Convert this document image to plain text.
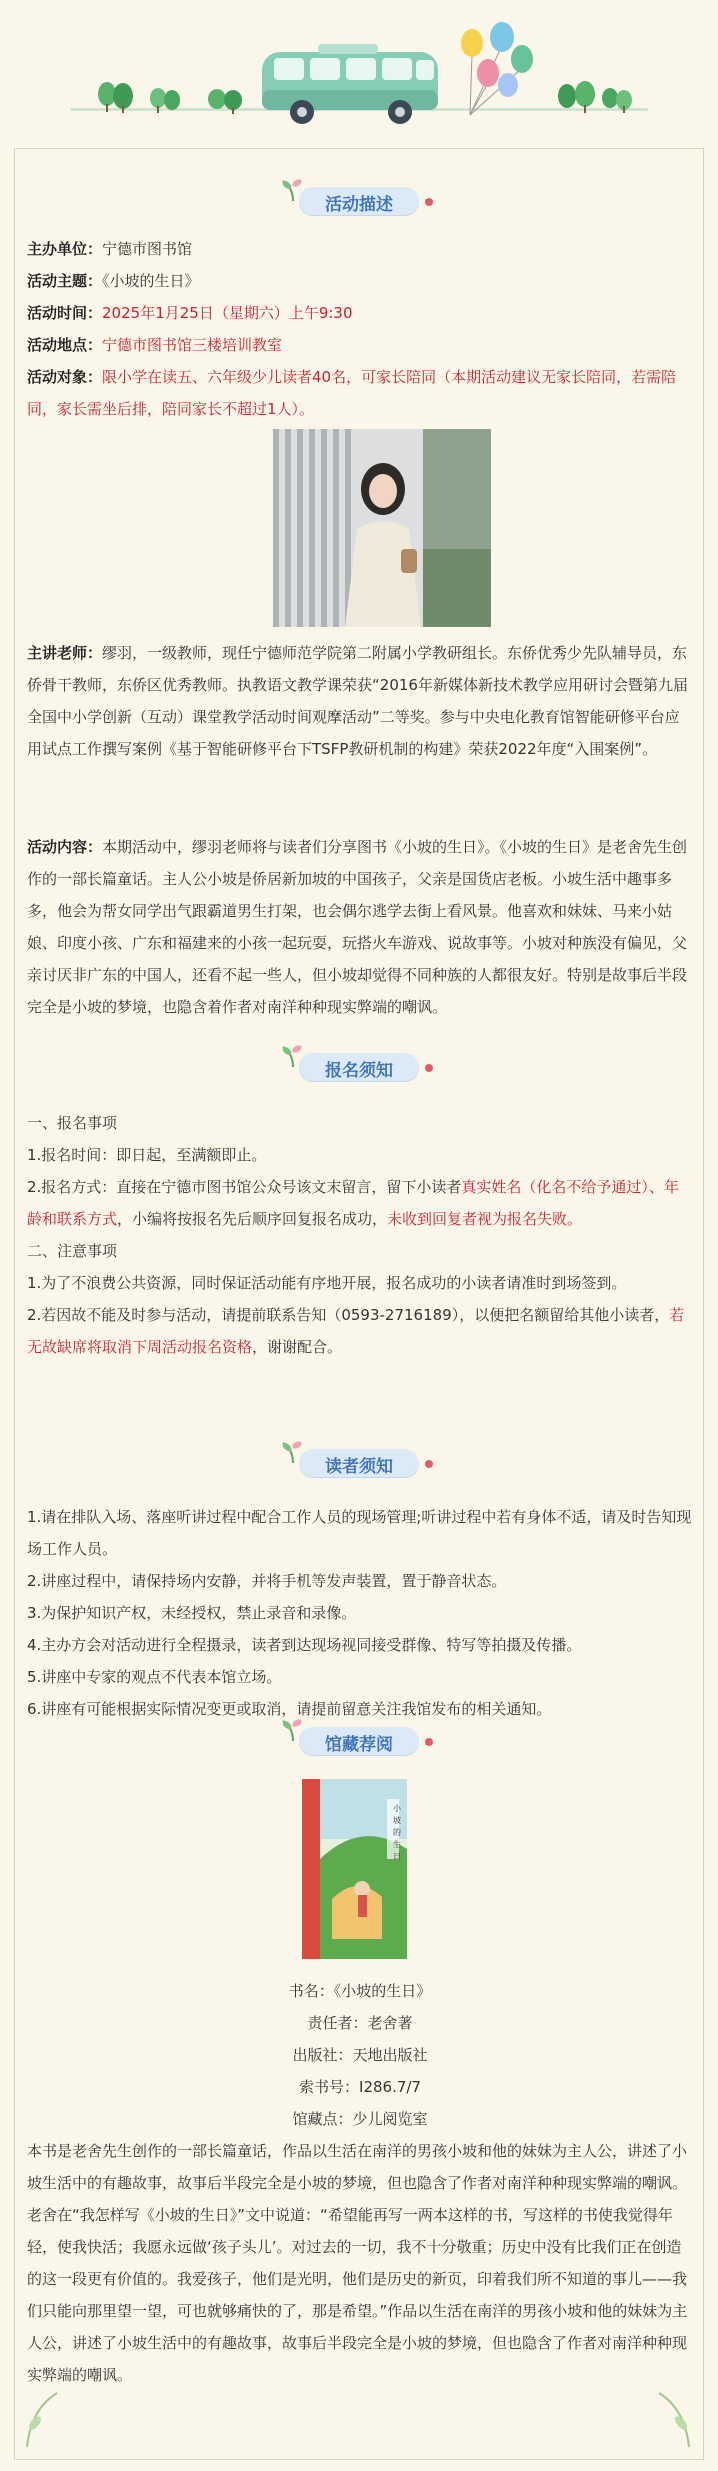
活动描述
主办单位：宁德市图书馆
活动主题：《小坡的生日》
活动时间：2025年1月25日（星期六）上午9:30
活动地点：宁德市图书馆三楼培训教室
活动对象：限小学在读五、六年级少儿读者40名，可家长陪同（本期活动建议无家长陪同，若需陪同，家长需坐后排，陪同家长不超过1人）。
主讲老师：缪羽，一级教师，现任宁德师范学院第二附属小学教研组长。东侨优秀少先队辅导员，东侨骨干教师，东侨区优秀教师。执教语文教学课荣获“2016年新媒体新技术教学应用研讨会暨第九届全国中小学创新（互动）课堂教学活动时间观摩活动”二等奖。参与中央电化教育馆智能研修平台应用试点工作撰写案例《基于智能研修平台下TSFP教研机制的构建》荣获2022年度“入围案例”。
活动内容：本期活动中，缪羽老师将与读者们分享图书《小坡的生日》。《小坡的生日》是老舍先生创作的一部长篇童话。主人公小坡是侨居新加坡的中国孩子，父亲是国货店老板。小坡生活中趣事多多，他会为帮女同学出气跟霸道男生打架，也会偶尔逃学去街上看风景。他喜欢和妹妹、马来小姑娘、印度小孩、广东和福建来的小孩一起玩耍，玩搭火车游戏、说故事等。小坡对种族没有偏见，父亲讨厌非广东的中国人，还看不起一些人，但小坡却觉得不同种族的人都很友好。特别是故事后半段完全是小坡的梦境，也隐含着作者对南洋种种现实弊端的嘲讽。
报名须知
一、报名事项
1.报名时间：即日起，至满额即止。
2.报名方式：直接在宁德市图书馆公众号该文末留言，留下小读者真实姓名（化名不给予通过）、年龄和联系方式，小编将按报名先后顺序回复报名成功，未收到回复者视为报名失败。
二、注意事项
1.为了不浪费公共资源，同时保证活动能有序地开展，报名成功的小读者请准时到场签到。
2.若因故不能及时参与活动，请提前联系告知（0593-2716189），以便把名额留给其他小读者，若无故缺席将取消下周活动报名资格，谢谢配合。
读者须知
1.请在排队入场、落座听讲过程中配合工作人员的现场管理;听讲过程中若有身体不适，请及时告知现场工作人员。
2.讲座过程中，请保持场内安静，并将手机等发声装置，置于静音状态。
3.为保护知识产权，未经授权，禁止录音和录像。
4.主办方会对活动进行全程摄录，读者到达现场视同接受群像、特写等拍摄及传播。
5.讲座中专家的观点不代表本馆立场。
6.讲座有可能根据实际情况变更或取消，请提前留意关注我馆发布的相关通知。
馆藏荐阅
小
坡
的
生
日
书名：《小坡的生日》
责任者：老舍著
出版社：天地出版社
索书号：I286.7/7
馆藏点：少儿阅览室
本书是老舍先生创作的一部长篇童话，作品以生活在南洋的男孩小坡和他的妹妹为主人公，讲述了小坡生活中的有趣故事，故事后半段完全是小坡的梦境，但也隐含了作者对南洋种种现实弊端的嘲讽。老舍在“我怎样写《小坡的生日》”文中说道：“希望能再写一两本这样的书，写这样的书使我觉得年轻，使我快活；我愿永远做‘孩子头儿’。对过去的一切，我不十分敬重；历史中没有比我们正在创造的这一段更有价值的。我爱孩子，他们是光明，他们是历史的新页，印着我们所不知道的事儿——我们只能向那里望一望，可也就够痛快的了，那是希望。”作品以生活在南洋的男孩小坡和他的妹妹为主人公，讲述了小坡生活中的有趣故事，故事后半段完全是小坡的梦境，但也隐含了作者对南洋种种现实弊端的嘲讽。
